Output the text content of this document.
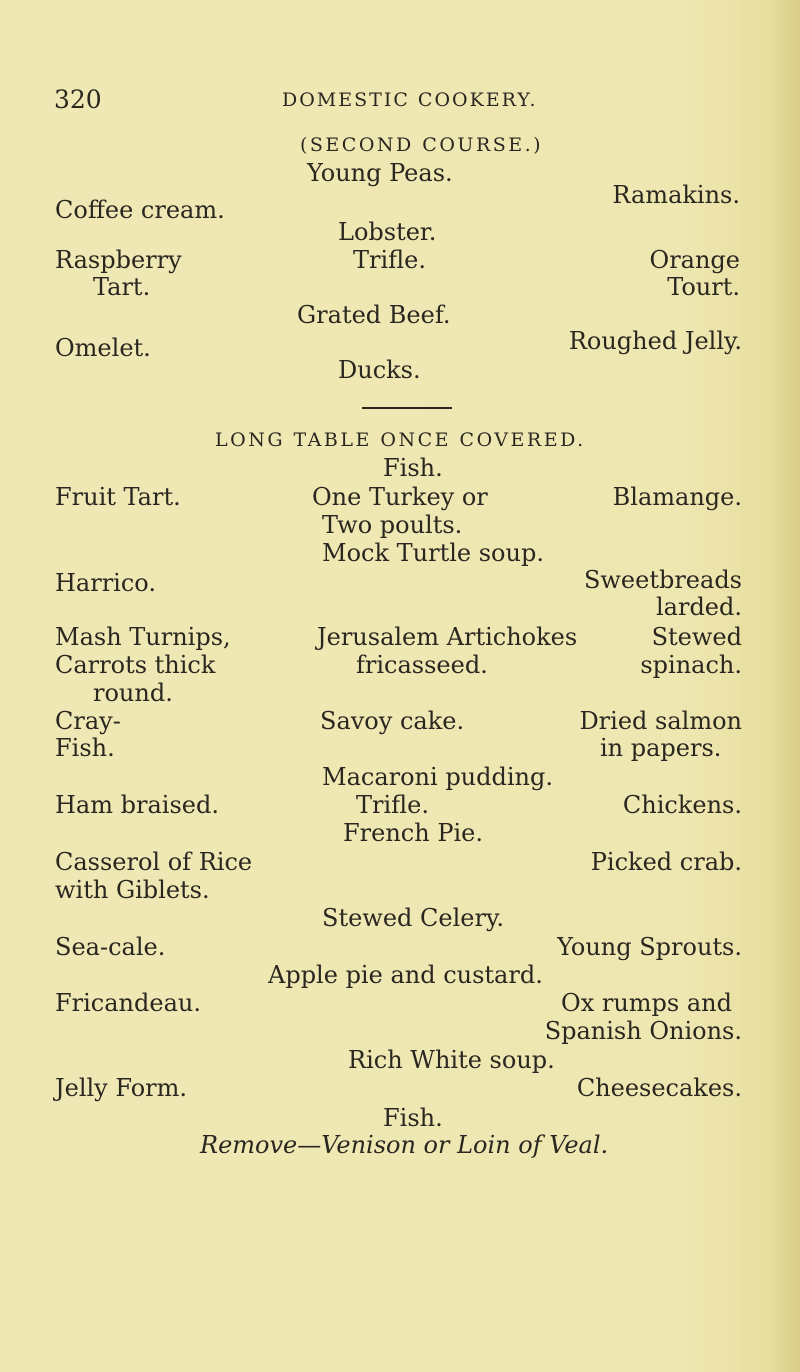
320	DOMESTIC COOKERY.
(SECOND COURSE.)
Young Peas.
Coffee cream.
Ramakins.
Lobster.
Raspberry	Trifle.	Orange
Tart.	Tourt.
Grated Beef.
Omelet.	Roughed Jelly.
Ducks.
LONG TABLE ONCE COVERED.
Fish.
Fruit Tart.	One Turkey or	Blamange.
Two poults.
Mock Turtle soup.
Harrico.	Sweetbreads
larded.
Mash Turnips,	Jerusalem Artichokes	Stewed
Carrots thick	fricasseed.	spinach.
round.
Cray-	Savoy cake.	Dried salmon
Fish.	in papers.
Macaroni pudding.
Ham braised.	Trifle.	Chickens.
French Pie.
Casserol of Rice	Picked crab.
with Giblets.
Stewed Celery.
Sea-cale.	Young Sprouts.
Apple pie and custard.
Fricandeau.	Ox rumps and
Spanish Onions.
Rich White soup.
Jelly Form.	Cheesecakes.
Fish.
Remove—Venison or Loin of Veal.
